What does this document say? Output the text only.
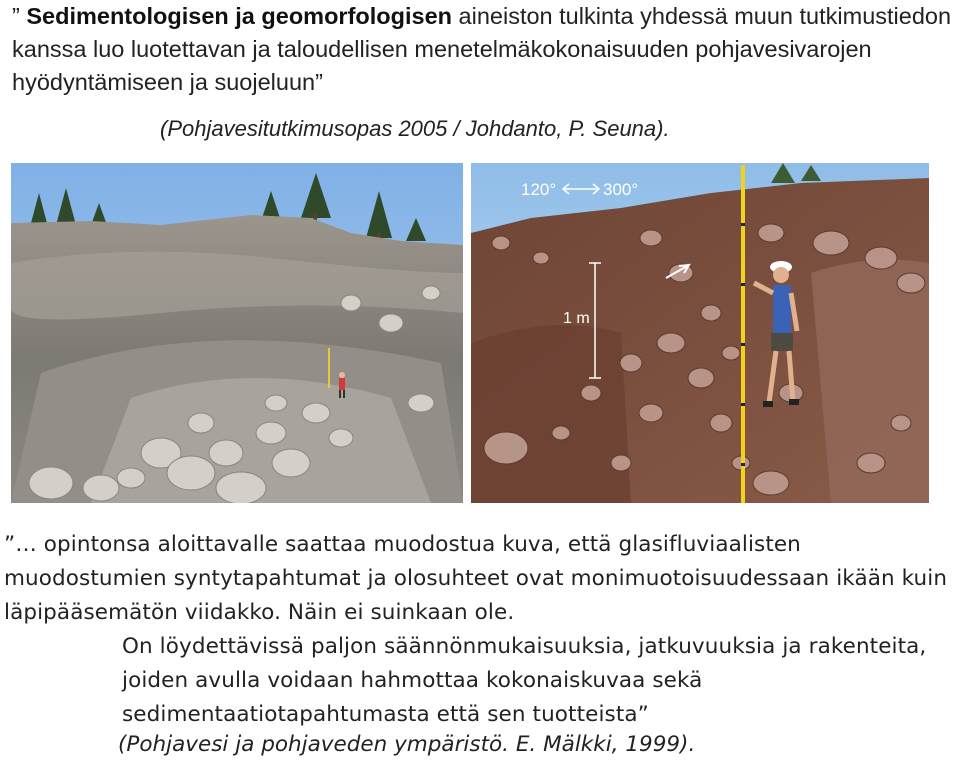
” Sedimentologisen ja geomorfologisen aineiston tulkinta yhdessä muun tutkimustiedon kanssa luo luotettavan ja taloudellisen menetelmäkokonaisuuden pohjavesivarojen hyödyntämiseen ja suojeluun”
(Pohjavesitutkimusopas 2005 / Johdanto, P. Seuna).
120°	300°
1 m

”… opintonsa aloittavalle saattaa muodostua kuva, että glasifluviaalisten muodostumien syntytapahtumat ja olosuhteet ovat monimuotoisuudessaan ikään kuin läpipääsemätön viidakko. Näin ei suinkaan ole.

On löydettävissä paljon säännönmukaisuuksia, jatkuvuuksia ja rakenteita, joiden avulla voidaan hahmottaa kokonaiskuvaa sekä sedimentaatiotapahtumasta että sen tuotteista”

(Pohjavesi ja pohjaveden ympäristö. E. Mälkki, 1999).
